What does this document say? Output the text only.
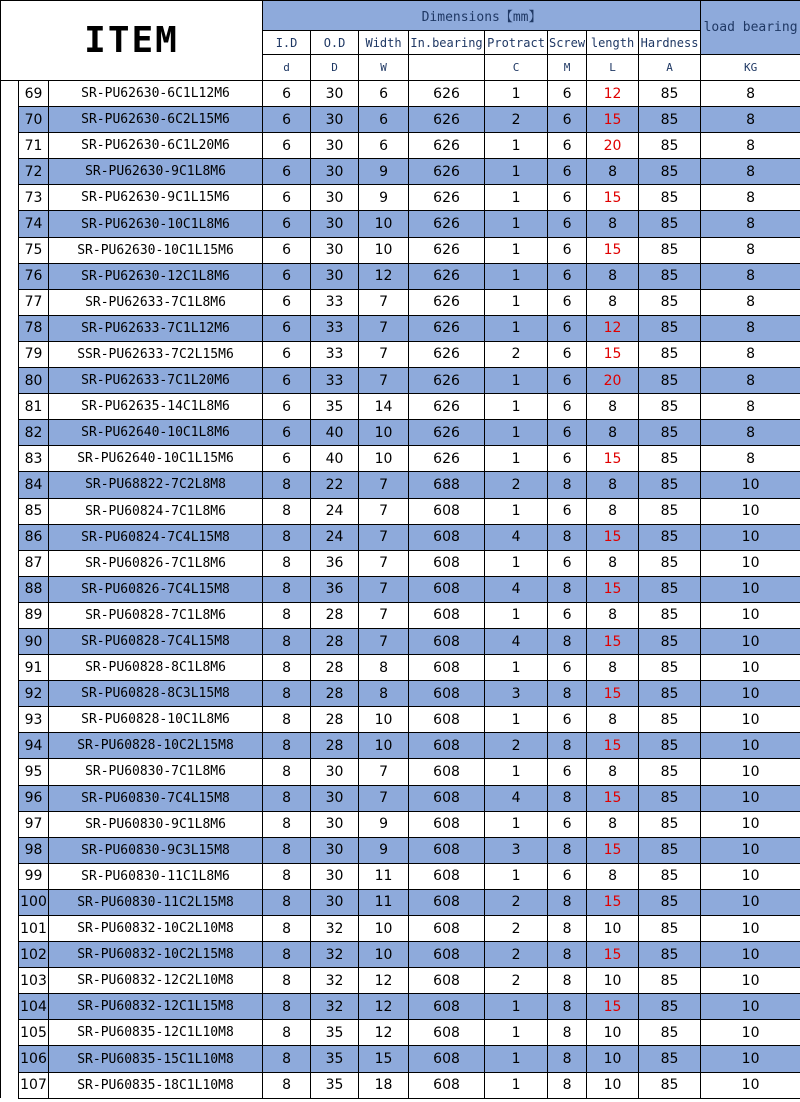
ITEM			Dimensions【mm】								load bearing
			I.D	O.D	Width	In.bearing	Protract	Screw	length	Hardness	
			d	D	W		C	M	L	A	KG
	69	SR-PU62630-6C1L12M6	6	30	6	626	1	6	12	85	8
	70	SR-PU62630-6C2L15M6	6	30	6	626	2	6	15	85	8
	71	SR-PU62630-6C1L20M6	6	30	6	626	1	6	20	85	8
	72	SR-PU62630-9C1L8M6	6	30	9	626	1	6	8	85	8
	73	SR-PU62630-9C1L15M6	6	30	9	626	1	6	15	85	8
	74	SR-PU62630-10C1L8M6	6	30	10	626	1	6	8	85	8
	75	SR-PU62630-10C1L15M6	6	30	10	626	1	6	15	85	8
	76	SR-PU62630-12C1L8M6	6	30	12	626	1	6	8	85	8
	77	SR-PU62633-7C1L8M6	6	33	7	626	1	6	8	85	8
	78	SR-PU62633-7C1L12M6	6	33	7	626	1	6	12	85	8
	79	SSR-PU62633-7C2L15M6	6	33	7	626	2	6	15	85	8
	80	SR-PU62633-7C1L20M6	6	33	7	626	1	6	20	85	8
	81	SR-PU62635-14C1L8M6	6	35	14	626	1	6	8	85	8
	82	SR-PU62640-10C1L8M6	6	40	10	626	1	6	8	85	8
	83	SR-PU62640-10C1L15M6	6	40	10	626	1	6	15	85	8
	84	SR-PU68822-7C2L8M8	8	22	7	688	2	8	8	85	10
	85	SR-PU60824-7C1L8M6	8	24	7	608	1	6	8	85	10
	86	SR-PU60824-7C4L15M8	8	24	7	608	4	8	15	85	10
	87	SR-PU60826-7C1L8M6	8	36	7	608	1	6	8	85	10
	88	SR-PU60826-7C4L15M8	8	36	7	608	4	8	15	85	10
	89	SR-PU60828-7C1L8M6	8	28	7	608	1	6	8	85	10
	90	SR-PU60828-7C4L15M8	8	28	7	608	4	8	15	85	10
	91	SR-PU60828-8C1L8M6	8	28	8	608	1	6	8	85	10
	92	SR-PU60828-8C3L15M8	8	28	8	608	3	8	15	85	10
	93	SR-PU60828-10C1L8M6	8	28	10	608	1	6	8	85	10
	94	SR-PU60828-10C2L15M8	8	28	10	608	2	8	15	85	10
	95	SR-PU60830-7C1L8M6	8	30	7	608	1	6	8	85	10
	96	SR-PU60830-7C4L15M8	8	30	7	608	4	8	15	85	10
	97	SR-PU60830-9C1L8M6	8	30	9	608	1	6	8	85	10
	98	SR-PU60830-9C3L15M8	8	30	9	608	3	8	15	85	10
	99	SR-PU60830-11C1L8M6	8	30	11	608	1	6	8	85	10
	100	SR-PU60830-11C2L15M8	8	30	11	608	2	8	15	85	10
	101	SR-PU60832-10C2L10M8	8	32	10	608	2	8	10	85	10
	102	SR-PU60832-10C2L15M8	8	32	10	608	2	8	15	85	10
	103	SR-PU60832-12C2L10M8	8	32	12	608	2	8	10	85	10
	104	SR-PU60832-12C1L15M8	8	32	12	608	1	8	15	85	10
	105	SR-PU60835-12C1L10M8	8	35	12	608	1	8	10	85	10
	106	SR-PU60835-15C1L10M8	8	35	15	608	1	8	10	85	10
	107	SR-PU60835-18C1L10M8	8	35	18	608	1	8	10	85	10
